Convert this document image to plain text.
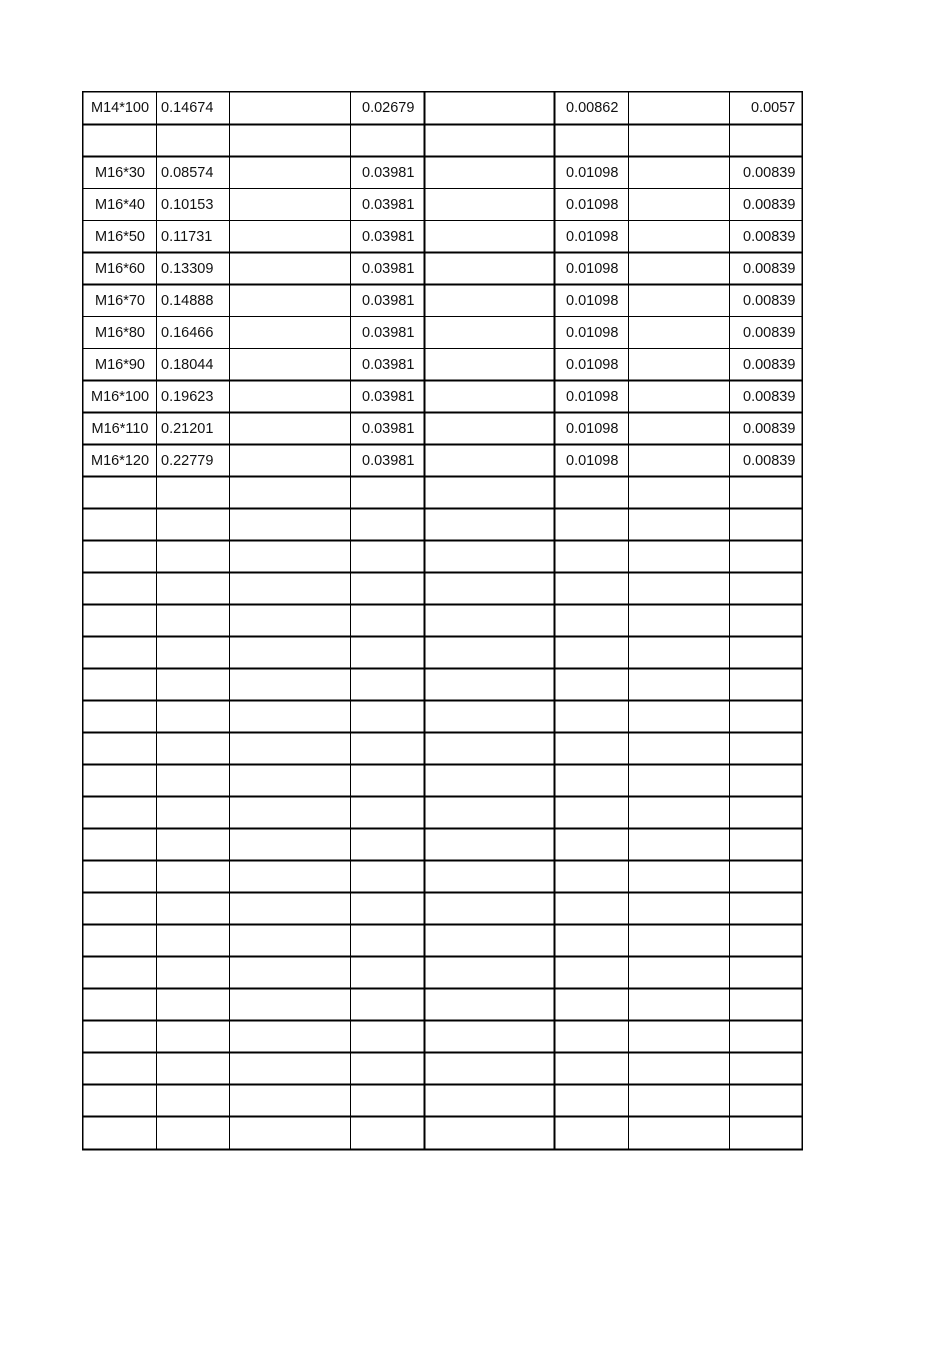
M14*100 0.14674	0.02679	0.00862	0.0057
M16*30 0.08574	0.03981	0.01098	0.00839
M16*40 0.10153	0.03981	0.01098	0.00839
M16*50 0.11731	0.03981	0.01098	0.00839
M16*60 0.13309	0.03981	0.01098	0.00839
M16*70 0.14888	0.03981	0.01098	0.00839
M16*80 0.16466	0.03981	0.01098	0.00839
M16*90 0.18044	0.03981	0.01098	0.00839
M16*100 0.19623	0.03981	0.01098	0.00839
M16*110 0.21201	0.03981	0.01098	0.00839
M16*120 0.22779	0.03981	0.01098	0.00839
